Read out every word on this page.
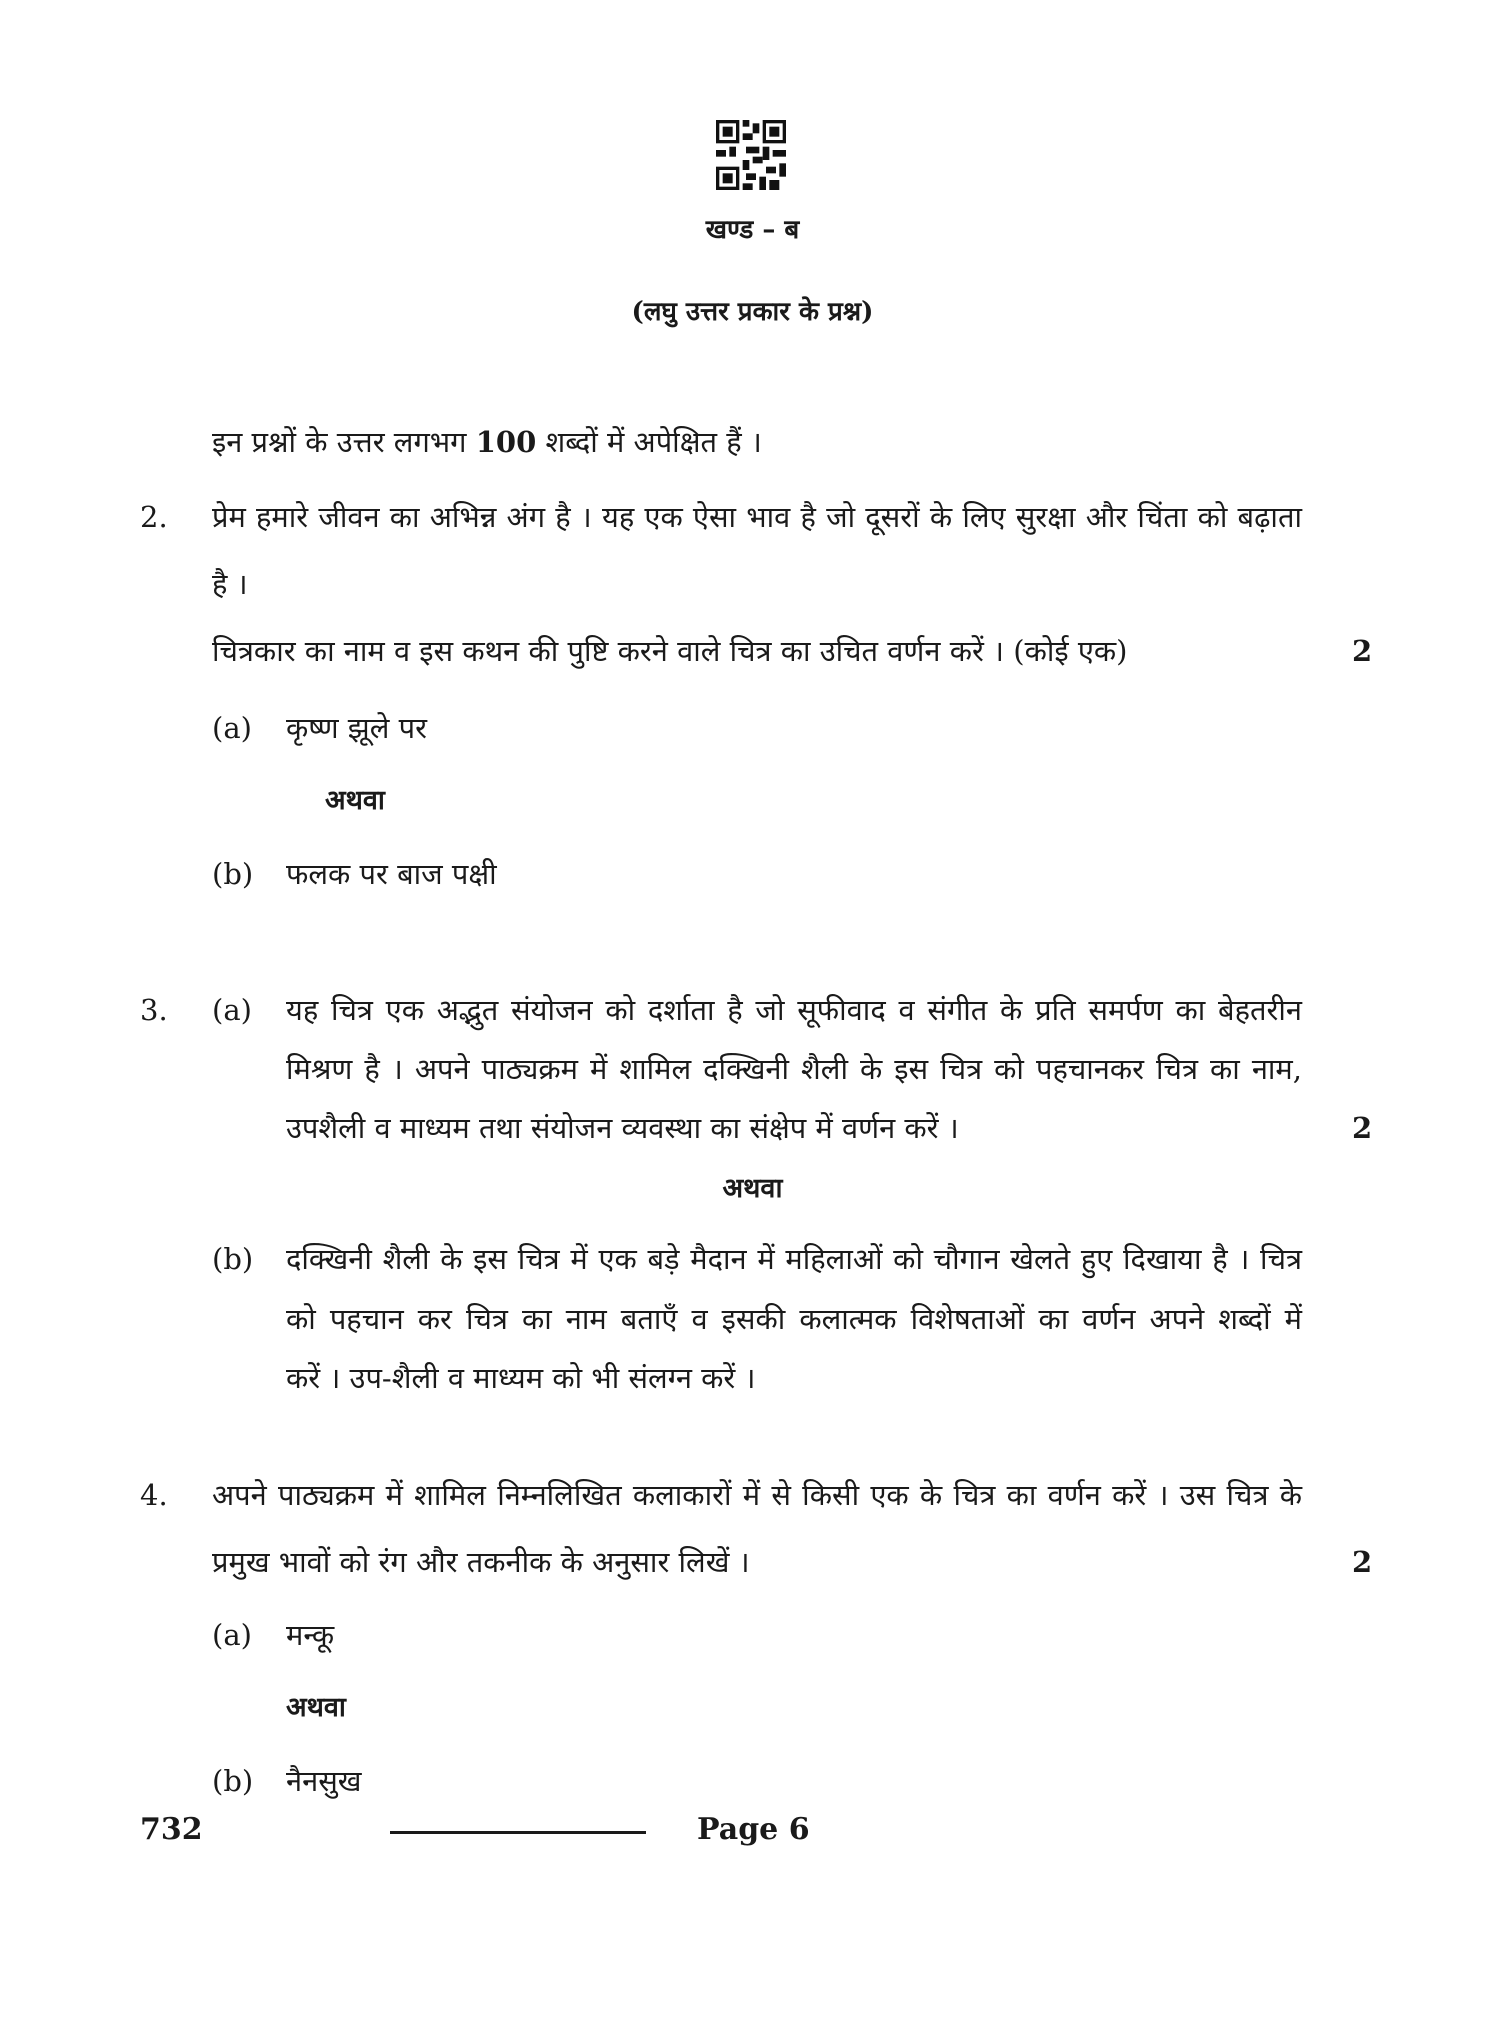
खण्ड – ब
(लघु उत्तर प्रकार के प्रश्न)
इन प्रश्नों के उत्तर लगभग 100 शब्दों में अपेक्षित हैं ।
2. प्रेम हमारे जीवन का अभिन्न अंग है । यह एक ऐसा भाव है जो दूसरों के लिए सुरक्षा और चिंता को बढ़ाता
है ।
चित्रकार का नाम व इस कथन की पुष्टि करने वाले चित्र का उचित वर्णन करें । (कोई एक)	2
(a) कृष्ण झूले पर
अथवा
(b) फलक पर बाज पक्षी
3. (a) यह चित्र एक अद्भुत संयोजन को दर्शाता है जो सूफीवाद व संगीत के प्रति समर्पण का बेहतरीन
मिश्रण है । अपने पाठ्यक्रम में शामिल दक्खिनी शैली के इस चित्र को पहचानकर चित्र का नाम,
उपशैली व माध्यम तथा संयोजन व्यवस्था का संक्षेप में वर्णन करें ।	2
अथवा
(b) दक्खिनी शैली के इस चित्र में एक बड़े मैदान में महिलाओं को चौगान खेलते हुए दिखाया है । चित्र
को पहचान कर चित्र का नाम बताएँ व इसकी कलात्मक विशेषताओं का वर्णन अपने शब्दों में
करें । उप-शैली व माध्यम को भी संलग्न करें ।
4. अपने पाठ्यक्रम में शामिल निम्नलिखित कलाकारों में से किसी एक के चित्र का वर्णन करें । उस चित्र के
प्रमुख भावों को रंग और तकनीक के अनुसार लिखें ।	2
(a) मन्कू
अथवा
(b) नैनसुख
732	Page 6
